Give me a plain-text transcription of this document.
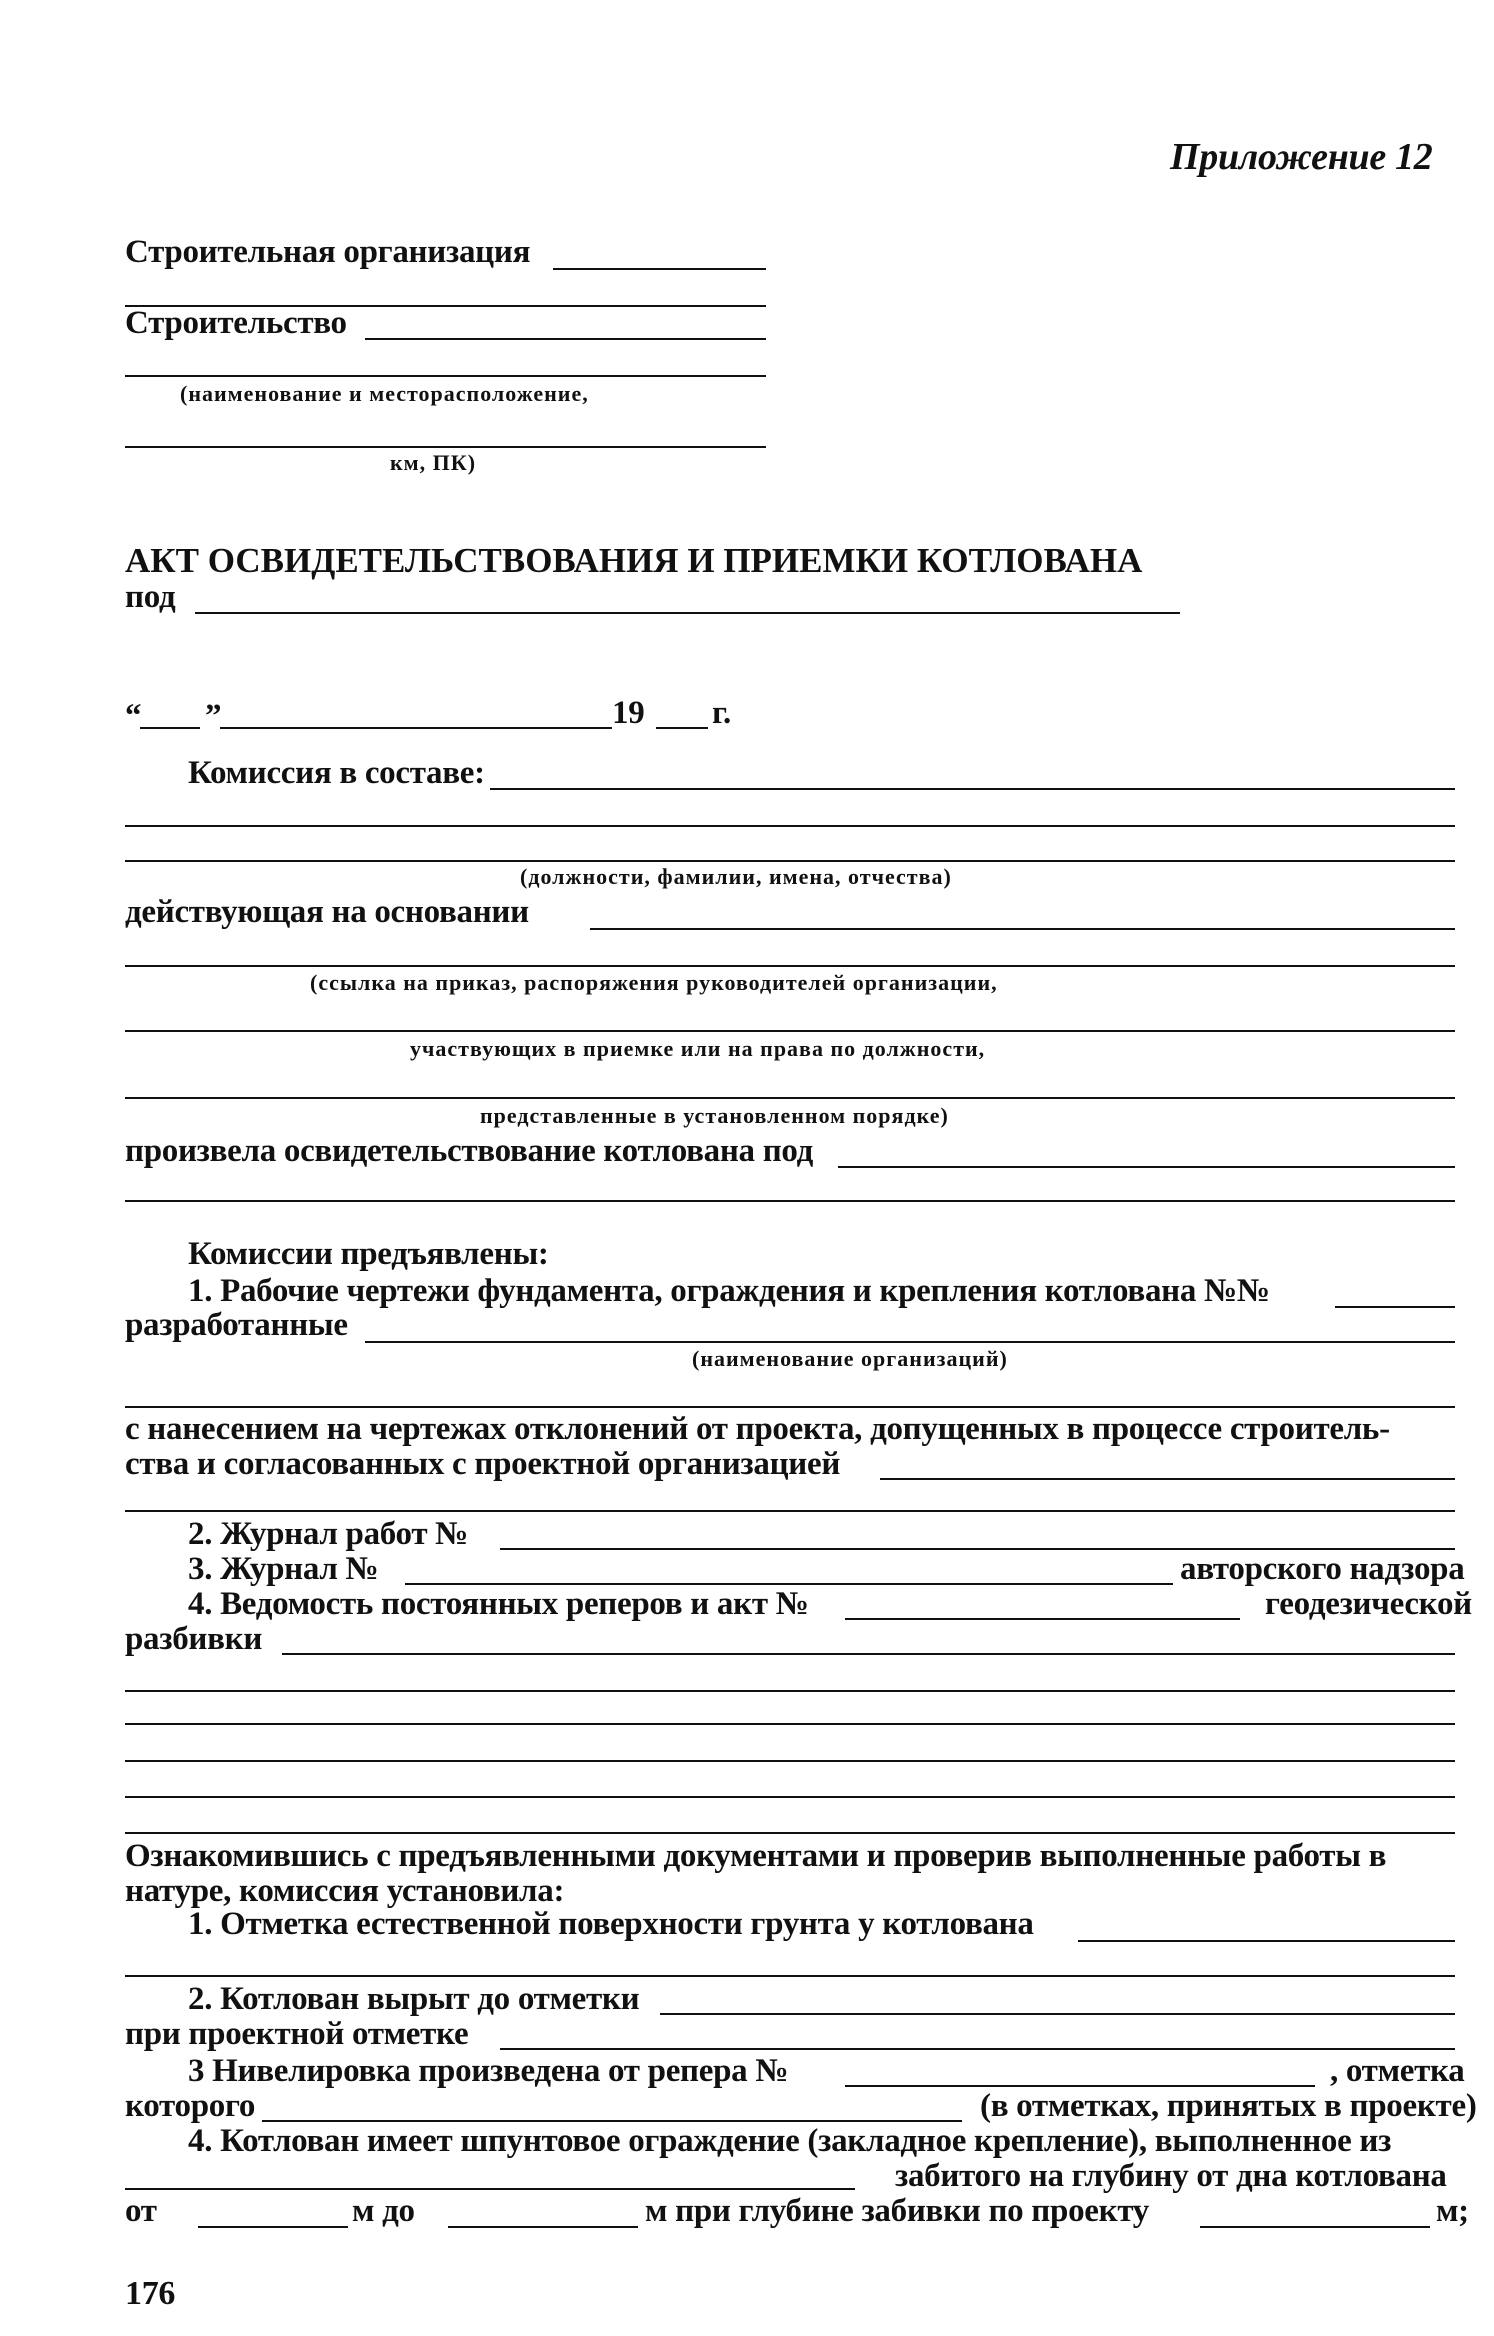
Приложение 12
Строительная организация
Строительство
(наименование и месторасположение,
км, ПК)
АКТ ОСВИДЕТЕЛЬСТВОВАНИЯ И ПРИЕМКИ КОТЛОВАНА
под
“ ”	19 г.
Комиссия в составе:
(должности, фамилии, имена, отчества)
действующая на основании
(ссылка на приказ, распоряжения руководителей организации,
участвующих в приемке или на права по должности,
представленные в установленном порядке)
произвела освидетельствование котлована под
Комиссии предъявлены:
1. Рабочие чертежи фундамента, ограждения и крепления котлована №№
разработанные
(наименование организаций)
с нанесением на чертежах отклонений от проекта, допущенных в процессе строитель-
ства и согласованных с проектной организацией
2. Журнал работ №
3. Журнал №	авторского надзора
4. Ведомость постоянных реперов и акт №	геодезической
разбивки
Ознакомившись с предъявленными документами и проверив выполненные работы в
натуре, комиссия установила:
1. Отметка естественной поверхности грунта у котлована
2. Котлован вырыт до отметки
при проектной отметке
3 Нивелировка произведена от репера №	, отметка
которого	(в отметках, принятых в проекте)
4. Котлован имеет шпунтовое ограждение (закладное крепление), выполненное из
забитого на глубину от дна котлована
от	м до	м при глубине забивки по проекту	м;
176
